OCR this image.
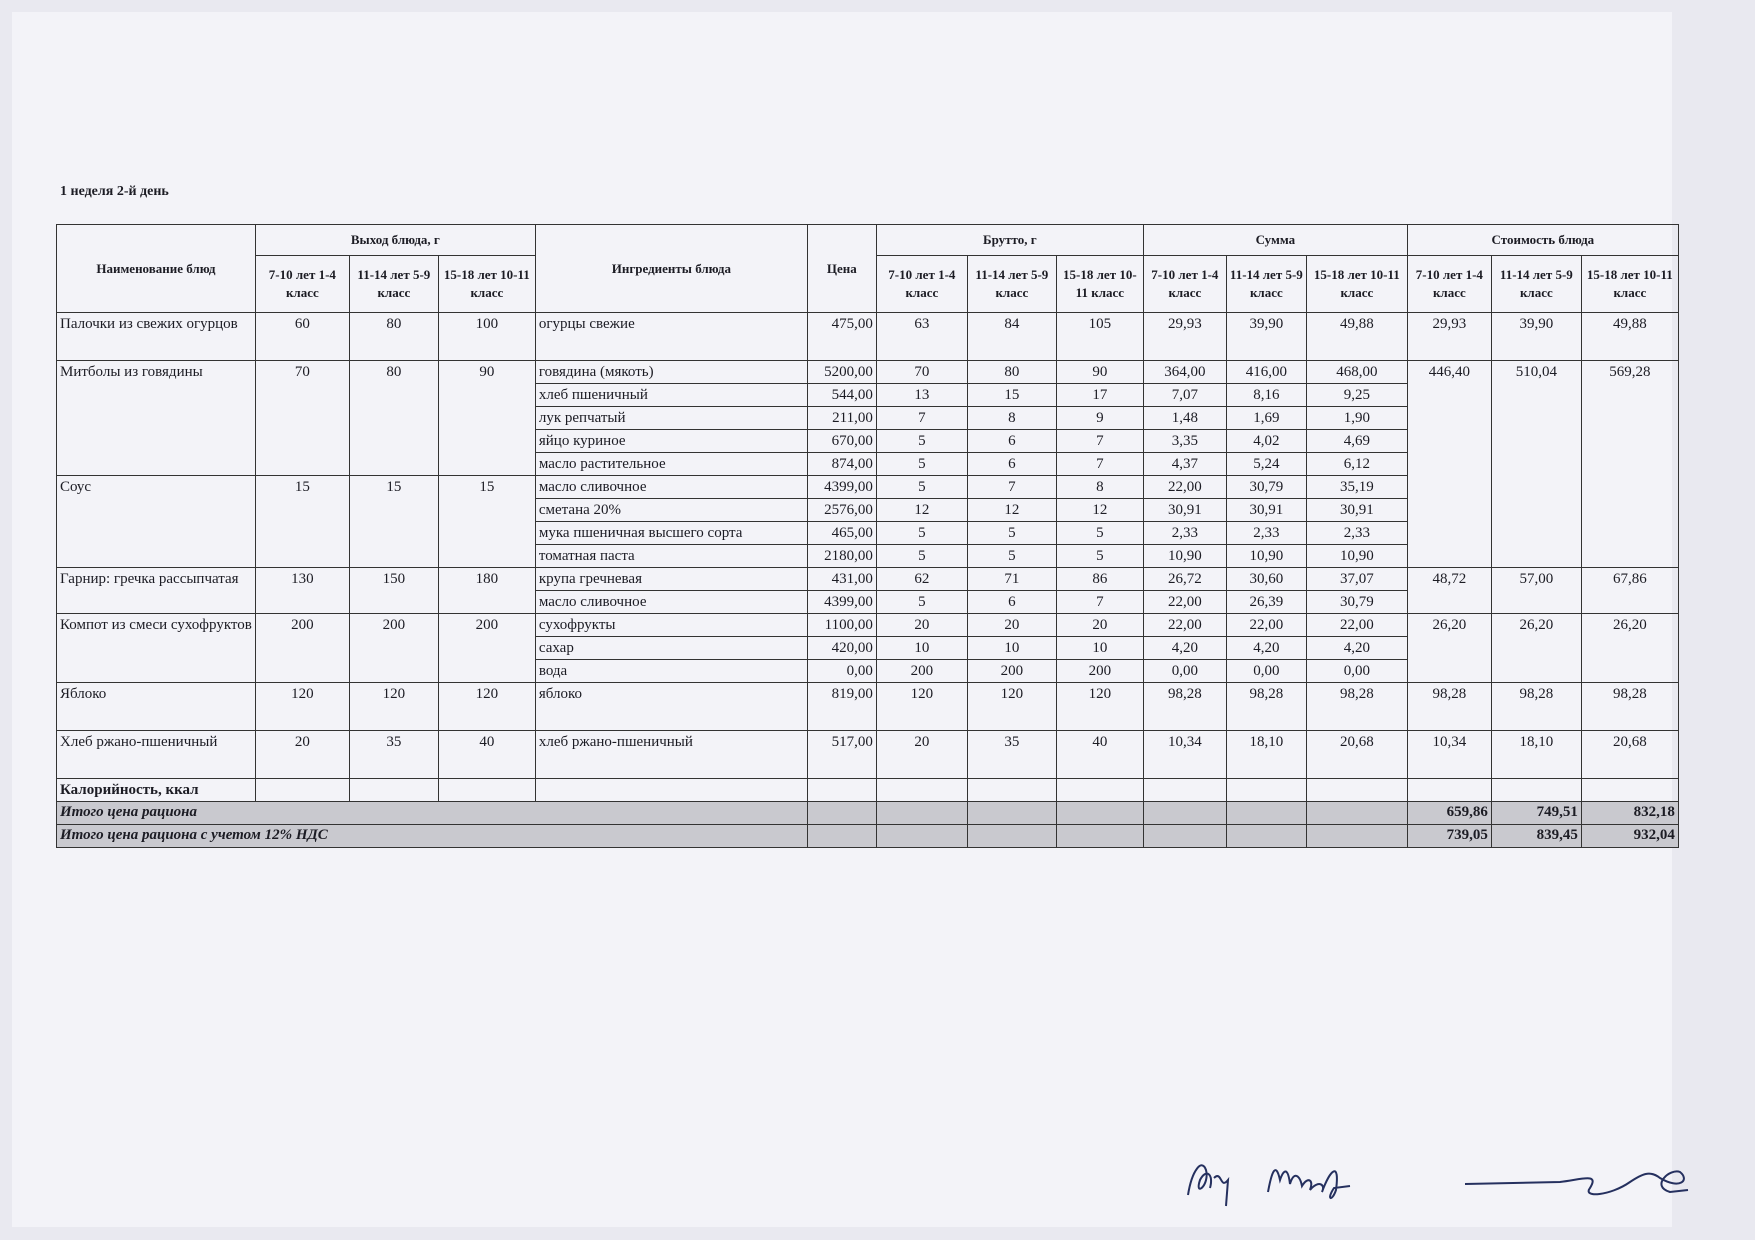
1 неделя 2-й день
Наименование блюд	Выход блюда, г			Ингредиенты блюда	Цена	Брутто, г			Сумма			Стоимость блюда		
	7-10 лет 1-4 класс	11-14 лет 5-9 класс	15-18 лет 10-11 класс			7-10 лет 1-4 класс	11-14 лет 5-9 класс	15-18 лет 10-11 класс	7-10 лет 1-4 класс	11-14 лет 5-9 класс	15-18 лет 10-11 класс	7-10 лет 1-4 класс	11-14 лет 5-9 класс	15-18 лет 10-11 класс
Палочки из свежих огурцов	60	80	100	огурцы свежие	475,00	63	84	105	29,93	39,90	49,88	29,93	39,90	49,88
Митболы из говядины	70	80	90	говядина (мякоть)	5200,00	70	80	90	364,00	416,00	468,00	446,40	510,04	569,28
				хлеб пшеничный	544,00	13	15	17	7,07	8,16	9,25			
				лук репчатый	211,00	7	8	9	1,48	1,69	1,90			
				яйцо куриное	670,00	5	6	7	3,35	4,02	4,69			
				масло растительное	874,00	5	6	7	4,37	5,24	6,12			
Соус	15	15	15	масло сливочное	4399,00	5	7	8	22,00	30,79	35,19			
				сметана 20%	2576,00	12	12	12	30,91	30,91	30,91			
				мука пшеничная высшего сорта	465,00	5	5	5	2,33	2,33	2,33			
				томатная паста	2180,00	5	5	5	10,90	10,90	10,90			
Гарнир: гречка рассыпчатая	130	150	180	крупа гречневая	431,00	62	71	86	26,72	30,60	37,07	48,72	57,00	67,86
				масло сливочное	4399,00	5	6	7	22,00	26,39	30,79			
Компот из смеси сухофруктов	200	200	200	сухофрукты	1100,00	20	20	20	22,00	22,00	22,00	26,20	26,20	26,20
				сахар	420,00	10	10	10	4,20	4,20	4,20			
				вода	0,00	200	200	200	0,00	0,00	0,00			
Яблоко	120	120	120	яблоко	819,00	120	120	120	98,28	98,28	98,28	98,28	98,28	98,28
Хлеб ржано-пшеничный	20	35	40	хлеб ржано-пшеничный	517,00	20	35	40	10,34	18,10	20,68	10,34	18,10	20,68
Калорийность, ккал														
Итого цена рациона												659,86	749,51	832,18
Итого цена рациона с учетом 12% НДС												739,05	839,45	932,04
